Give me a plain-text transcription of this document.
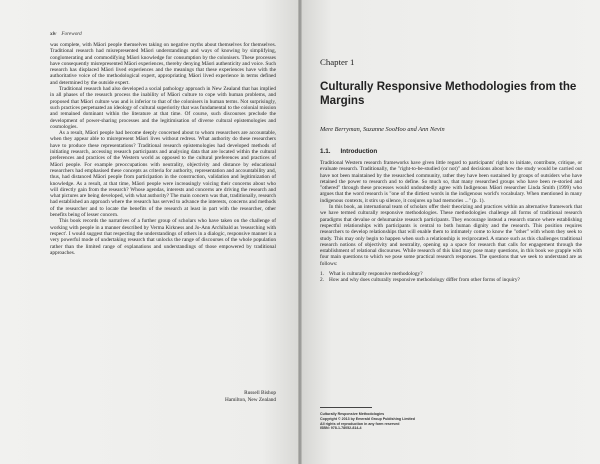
xiv Foreword

was complete, with Māori people themselves taking on negative myths about themselves for themselves. Traditional research had misrepresented Māori understandings and ways of knowing by simplifying, conglomerating and commodifying Māori knowledge for consumption by the colonisers. These processes have consequently misrepresented Māori experiences, thereby denying Māori authenticity and voice. Such research has displaced Māori lived experiences and the meanings that these experiences have with the authoritative voice of the methodological expert, appropriating Māori lived experience in terms defined and determined by the outside expert.

Traditional research had also developed a social pathology approach in New Zealand that has implied in all phases of the research process the inability of Māori culture to cope with human problems, and proposed that Māori culture was and is inferior to that of the colonisers in human terms. Not surprisingly, such practices perpetuated an ideology of cultural superiority that was fundamental to the colonial mission and remained dominant within the literature at that time. Of course, such discourses preclude the development of power-sharing processes and the legitimisation of diverse cultural epistemologies and cosmologies.

As a result, Māori people had become deeply concerned about to whom researchers are accountable, when they appear able to misrepresent Māori lives without redress. What authority do these researchers have to produce these representations? Traditional research epistemologies had developed methods of initiating research, accessing research participants and analysing data that are located within the cultural preferences and practices of the Western world as opposed to the cultural preferences and practices of Māori people. For example preoccupations with neutrality, objectivity and distance by educational researchers had emphasised these concepts as criteria for authority, representation and accountability and, thus, had distanced Māori people from participation in the construction, validation and legitimization of knowledge. As a result, at that time, Māori people were increasingly voicing their concerns about who will directly gain from the research? Whose agendas, interests and concerns are driving the research and what pictures are being developed, with what authority? The main concern was that, traditionally, research had established an approach where the research has served to advance the interests, concerns and methods of the researcher and to locate the benefits of the research at least in part with the researcher, other benefits being of lesser concern.

This book records the narratives of a further group of scholars who have taken on the challenge of working with people in a manner described by Verma Kirkness and Jo-Ann Archibald as 'researching with respect'. I would suggest that respecting the understandings of others in a dialogic, responsive manner is a very powerful mode of undertaking research that unlocks the range of discourses of the whole population rather than the limited range of explanations and understandings of those empowered by traditional approaches.

Russell Bishop
Hamilton, New Zealand
Chapter 1
Culturally Responsive Methodologies from the Margins
Mere Berryman, Suzanne SooHoo and Ann Nevin
1.1. Introduction

Traditional Western research frameworks have given little regard to participants' rights to initiate, contribute, critique, or evaluate research. Traditionally, the "right-to-be-studied (or not)" and decisions about how the study would be carried out have not been maintained by the researched community, rather they have been sustained by groups of outsiders who have retained the power to research and to define. So much so, that many researched groups who have been re-storied and "othered" through these processes would undoubtedly agree with Indigenous Māori researcher Linda Smith (1999) who argues that the word research is "one of the dirtiest words in the indigenous world's vocabulary. When mentioned in many indigenous contexts, it stirs up silence, it conjures up bad memories ..." (p. 1).

In this book, an international team of scholars offer their theorizing and practices within an alternative framework that we have termed culturally responsive methodologies. These methodologies challenge all forms of traditional research paradigms that devalue or dehumanize research participants. They encourage instead a research stance where establishing respectful relationships with participants is central to both human dignity and the research. This position requires researchers to develop relationships that will enable them to intimately come to know the "other" with whom they seek to study. This may only begin to happen when such a relationship is reciprocated. A stance such as this challenges traditional research notions of objectivity and neutrality, opening up a space for research that calls for engagement through the establishment of relational discourses. While research of this kind may pose many questions, in this book we grapple with four main questions to which we pose some practical research responses. The questions that we seek to understand are as follows:

1. What is culturally responsive methodology?
2. How and why does culturally responsive methodology differ from other forms of inquiry?
Culturally Responsive Methodologies
Copyright © 2013 by Emerald Group Publishing Limited
All rights of reproduction in any form reserved
ISBN: 978-1-78052-814-4
